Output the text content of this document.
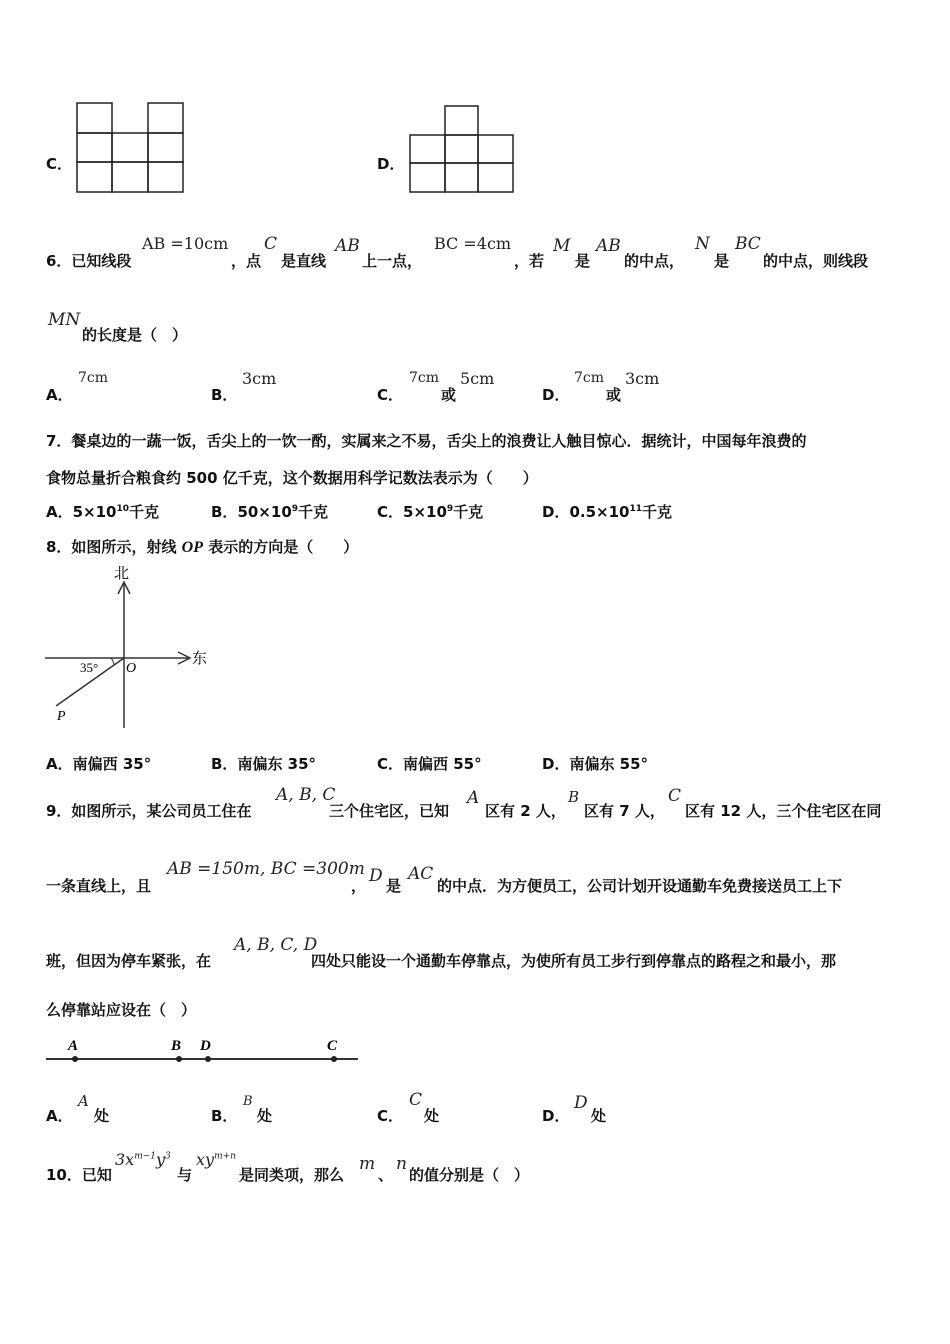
C．	D．
6．已知线段
AB =10cm
，点
C
是直线
AB
上一点，
BC =4cm
，若
M
是
AB
的中点，
N
是
BC
的中点，则线段
MN
的长度是（　）
A．
7cm
B．
3cm
C．
7cm
或
5cm
D．
7cm
或
3cm
7．餐桌边的一蔬一饭，舌尖上的一饮一酌，实属来之不易，舌尖上的浪费让人触目惊心．据统计，中国每年浪费的
食物总量折合粮食约 500 亿千克，这个数据用科学记数法表示为（　　）
A．$5\times 10^{10}$千克	B．$50\times 10^9$千克	C．$5\times 10^9$千克	D．$0.5\times 10^{11}$千克
8．如图所示，射线 OP 表示的方向是（　　）
北
东
O
P
35°
A．南偏西 35°	B．南偏东 35°	C．南偏西 55°	D．南偏东 55°
9．如图所示，某公司员工住在
A, B, C
三个住宅区，已知
A
区有 2 人，
B
区有 7 人，
C
区有 12 人，三个住宅区在同
一条直线上，且
AB =150m, BC =300m
， D 是
AC
的中点．为方便员工，公司计划开设通勤车免费接送员工上下
班，但因为停车紧张，在
A, B, C, D
四处只能设一个通勤车停靠点，为使所有员工步行到停靠点的路程之和最小，那
么停靠站应设在（　）
A	B D	C
A．
A
处	B．
B
处	C．
C
处	D．
D
处
10．已知
$3x^{m-1}y^3$
与
$xy^{m+n}$
是同类项，那么
m
、
n
的值分别是（　）
